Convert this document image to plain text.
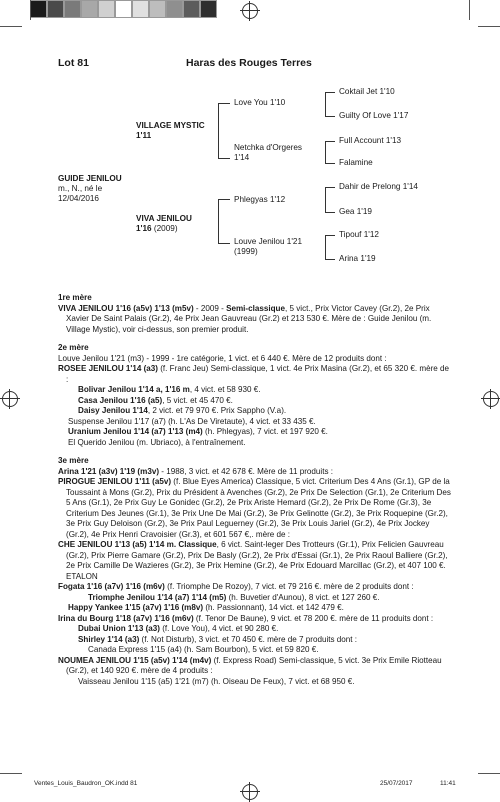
Lot 81	Haras des Rouges Terres
GUIDE JENILOU
m., N., né le 12/04/2016
VILLAGE MYSTIC
1'11
VIVA JENILOU
1'16 (2009)
Love You 1'10
Netchka d'Orgeres 1'14
Phlegyas 1'12
Louve Jenilou 1'21 (1999)
Coktail Jet 1'10
Guilty Of Love 1'17
Full Account 1'13
Falamine
Dahir de Prelong 1'14
Gea 1'19
Tipouf 1'12
Arina 1'19

1re mère

VIVA JENILOU 1'16 (a5v) 1'13 (m5v) - 2009 - Semi-classique, 5 vict., Prix Victor Cavey (Gr.2), 2e Prix Xavier De Saint Palais (Gr.2), 4e Prix Jean Gauvreau (Gr.2) et 213 530 €. Mère de : Guide Jenilou (m. Village Mystic), voir ci-dessus, son premier produit.

2e mère

Louve Jenilou 1'21 (m3) - 1999 - 1re catégorie, 1 vict. et 6 440 €. Mère de 12 produits dont :

ROSEE JENILOU 1'14 (a3) (f. Franc Jeu) Semi-classique, 1 vict. 4e Prix Masina (Gr.2), et 65 320 €. mère de :

Bolivar Jenilou 1'14 a, 1'16 m, 4 vict. et 58 930 €.

Casa Jenilou 1'16 (a5), 5 vict. et 45 470 €.

Daisy Jenilou 1'14, 2 vict. et 79 970 €. Prix Sappho (V.a).

Suspense Jenilou 1'17 (a7) (h. L'As De Viretaute), 4 vict. et 33 435 €.

Uranium Jenilou 1'14 (a7) 1'13 (m4) (h. Phlegyas), 7 vict. et 197 920 €.

El Querido Jenilou (m. Ubriaco), à l'entraînement.

3e mère

Arina 1'21 (a3v) 1'19 (m3v) - 1988, 3 vict. et 42 678 €. Mère de 11 produits :

PIROGUE JENILOU 1'11 (a5v) (f. Blue Eyes America) Classique, 5 vict. Criterium Des 4 Ans (Gr.1), GP de la Toussaint à Mons (Gr.2), Prix du Président à Avenches (Gr.2), 2e Prix De Selection (Gr.1), 2e Criterium Des 5 Ans (Gr.1), 2e Prix Guy Le Gonidec (Gr.2), 2e Prix Ariste Hemard (Gr.2), 2e Prix De Rome (Gr.3), 3e Criterium Des Jeunes (Gr.1), 3e Prix Une De Mai (Gr.2), 3e Prix Gelinotte (Gr.2), 3e Prix Roquepine (Gr.2), 3e Prix Guy Deloison (Gr.2), 3e Prix Paul Leguerney (Gr.2), 3e Prix Louis Jariel (Gr.2), 4e Prix Jockey (Gr.2), 4e Prix Henri Cravoisier (Gr.3), et 601 567 €,. mère de :

CHE JENILOU 1'13 (a5) 1'14 m. Classique, 6 vict. Saint-leger Des Trotteurs (Gr.1), Prix Felicien Gauvreau (Gr.2), Prix Pierre Gamare (Gr.2), Prix De Basly (Gr.2), 2e Prix d'Essai (Gr.1), 2e Prix Raoul Balliere (Gr.2), 2e Prix Camille De Wazieres (Gr.2), 3e Prix Hemine (Gr.2), 4e Prix Edouard Marcillac (Gr.2), et 407 100 €. ETALON

Fogata 1'16 (a7v) 1'16 (m6v) (f. Triomphe De Rozoy), 7 vict. et 79 216 €. mère de 2 produits dont :

Triomphe Jenilou 1'14 (a7) 1'14 (m5) (h. Buvetier d'Aunou), 8 vict. et 127 260 €.

Happy Yankee 1'15 (a7v) 1'16 (m8v) (h. Passionnant), 14 vict. et 142 479 €.

Irina du Bourg 1'18 (a7v) 1'16 (m6v) (f. Tenor De Baune), 9 vict. et 78 200 €. mère de 11 produits dont :

Dubai Union 1'13 (a3) (f. Love You), 4 vict. et 90 280 €.

Shirley 1'14 (a3) (f. Not Disturb), 3 vict. et 70 450 €. mère de 7 produits dont :

Canada Express 1'15 (a4) (h. Sam Bourbon), 5 vict. et 59 820 €.

NOUMEA JENILOU 1'15 (a5v) 1'14 (m4v) (f. Express Road) Semi-classique, 5 vict. 3e Prix Emile Riotteau (Gr.2), et 140 920 €. mère de 4 produits :

Vaisseau Jenilou 1'15 (a5) 1'21 (m7) (h. Oiseau De Feux), 7 vict. et 68 950 €.

Ventes_Louis_Baudron_OK.indd 81	25/07/2017	11:41
